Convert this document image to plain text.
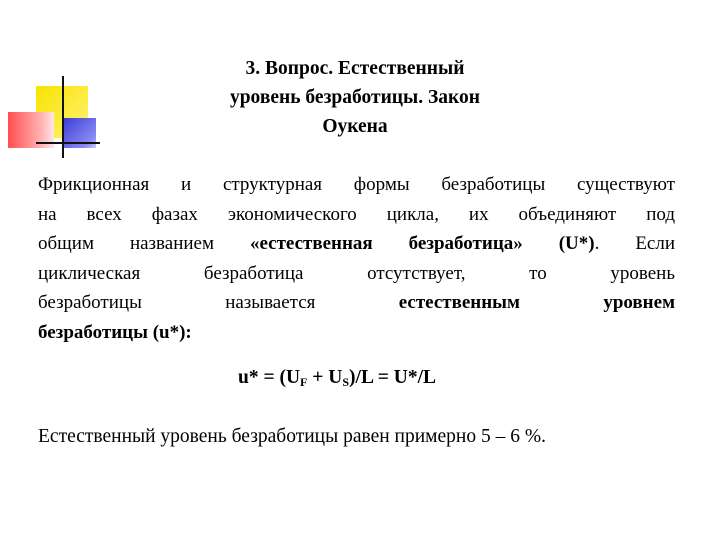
3. Вопрос. Естественный
уровень безработицы. Закон
Оукена
Фрикционная и структурная формы безработицы существуют
на всех фазах экономического цикла, их объединяют под
общим названием «естественная безработица» (U*). Если
циклическая	безработица	отсутствует,	то	уровень
безработицы	называется	естественным	уровнем
безработицы (u*):
$u* = (U_F + U_S)/L = U*/L$
Естественный уровень безработицы равен примерно 5 – 6 %.
